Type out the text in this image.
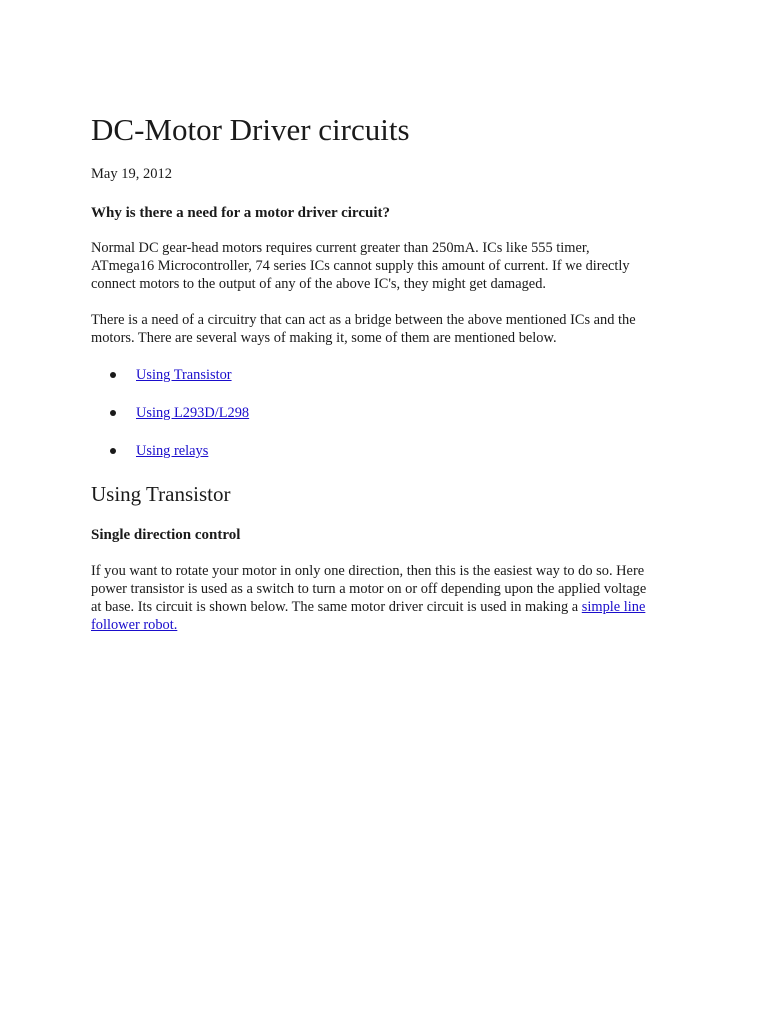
DC-Motor Driver circuits
May 19, 2012
Why is there a need for a motor driver circuit?

Normal DC gear-head motors requires current greater than 250mA. ICs like 555 timer,
ATmega16 Microcontroller, 74 series ICs cannot supply this amount of current. If we directly
connect motors to the output of any of the above IC's, they might get damaged.

There is a need of a circuitry that can act as a bridge between the above mentioned ICs and the
motors. There are several ways of making it, some of them are mentioned below.

Using Transistor
Using L293D/L298
Using relays
Using Transistor
Single direction control

If you want to rotate your motor in only one direction, then this is the easiest way to do so. Here
power transistor is used as a switch to turn a motor on or off depending upon the applied voltage
at base. Its circuit is shown below. The same motor driver circuit is used in making a simple line
follower robot.
